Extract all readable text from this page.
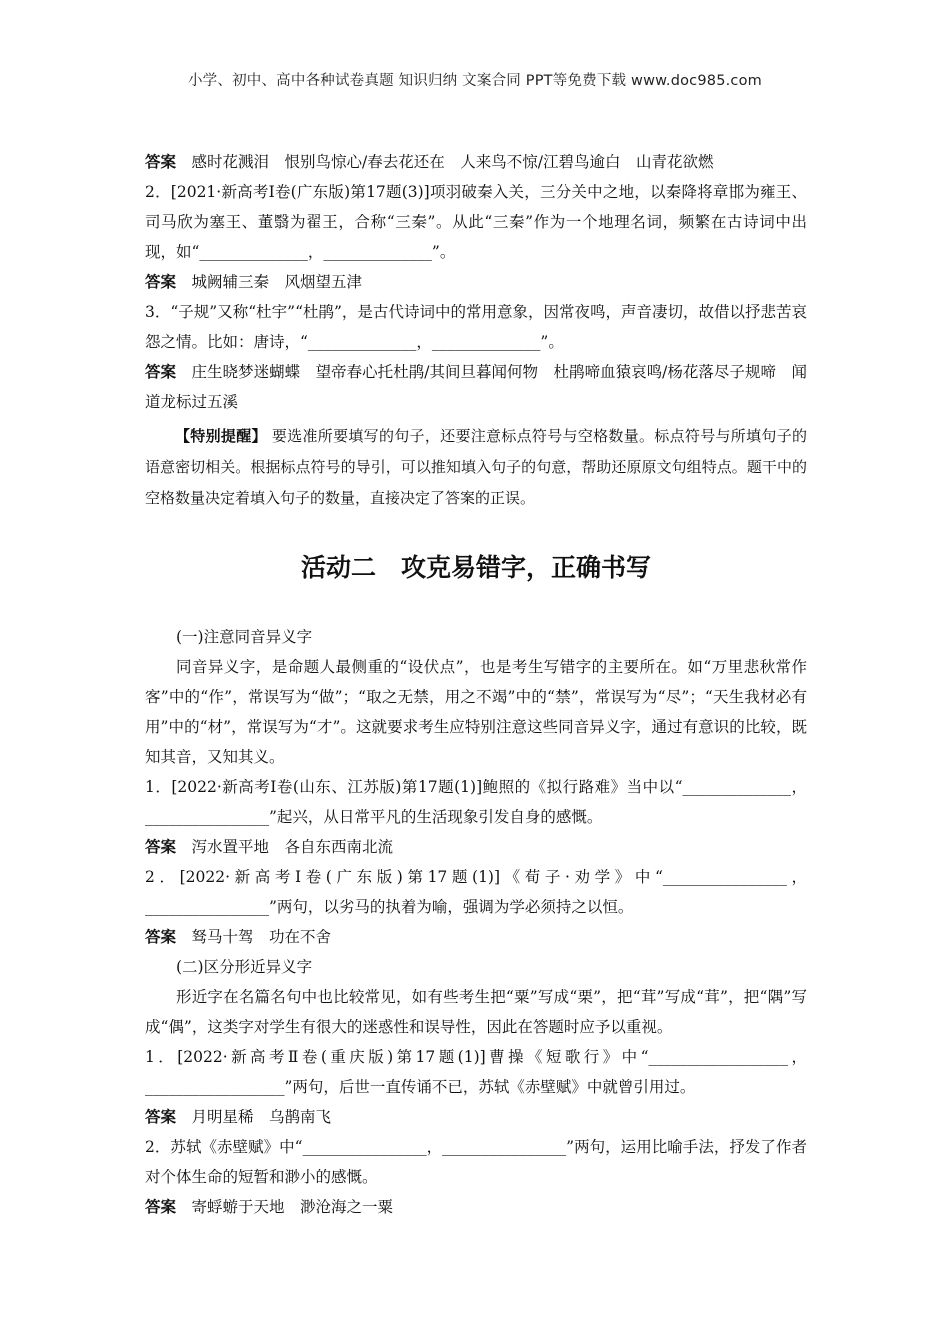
小学、初中、高中各种试卷真题 知识归纳 文案合同 PPT等免费下载 www.doc985.com

答案 感时花溅泪　恨别鸟惊心/春去花还在　人来鸟不惊/江碧鸟逾白　山青花欲燃

2．[2021·新高考Ⅰ卷(广东版)第17题(3)]项羽破秦入关，三分关中之地，以秦降将章邯为雍王、司马欣为塞王、董翳为翟王，合称“三秦”。从此“三秦”作为一个地理名词，频繁在古诗词中出现，如“______________，______________”。

答案 城阙辅三秦　风烟望五津

3．“子规”又称“杜宇”“杜鹃”，是古代诗词中的常用意象，因常夜鸣，声音凄切，故借以抒悲苦哀怨之情。比如：唐诗，“______________，______________”。

答案 庄生晓梦迷蝴蝶　望帝春心托杜鹃/其间旦暮闻何物　杜鹃啼血猿哀鸣/杨花落尽子规啼　闻道龙标过五溪

【特别提醒】 要选准所要填写的句子，还要注意标点符号与空格数量。标点符号与所填句子的语意密切相关。根据标点符号的导引，可以推知填入句子的句意，帮助还原原文句组特点。题干中的空格数量决定着填入句子的数量，直接决定了答案的正误。

活动二　攻克易错字，正确书写

(一)注意同音异义字

同音异义字，是命题人最侧重的“设伏点”，也是考生写错字的主要所在。如“万里悲秋常作客”中的“作”，常误写为“做”；“取之无禁，用之不竭”中的“禁”，常误写为“尽”；“天生我材必有用”中的“材”，常误写为“才”。这就要求考生应特别注意这些同音异义字，通过有意识的比较，既知其音，又知其义。

1．[2022·新高考Ⅰ卷(山东、江苏版)第17题(1)]鲍照的《拟行路难》当中以“______________，________________”起兴，从日常平凡的生活现象引发自身的感慨。

答案 泻水置平地　各自东西南北流

2．[2022·新高考Ⅰ卷(广东版)第17题(1)]《荀子·劝学》中“________________，________________”两句，以劣马的执着为喻，强调为学必须持之以恒。

答案 驽马十驾　功在不舍

(二)区分形近异义字

形近字在名篇名句中也比较常见，如有些考生把“粟”写成“栗”，把“茸”写成“茸”，把“隅”写成“偶”，这类字对学生有很大的迷惑性和误导性，因此在答题时应予以重视。

1．[2022·新高考Ⅱ卷(重庆版)第17题(1)]曹操《短歌行》中“__________________，__________________”两句，后世一直传诵不已，苏轼《赤壁赋》中就曾引用过。

答案 月明星稀　乌鹊南飞

2．苏轼《赤壁赋》中“________________，________________”两句，运用比喻手法，抒发了作者对个体生命的短暂和渺小的感慨。

答案 寄蜉蝣于天地　渺沧海之一粟
